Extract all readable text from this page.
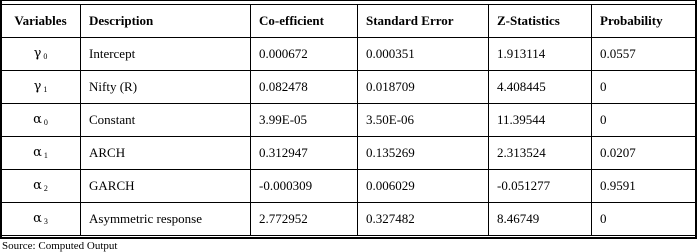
Variables	Description	Co-efficient	Standard Error	Z-Statistics	Probability
γ 0	Intercept	0.000672	0.000351	1.913114	0.0557
γ 1	Nifty (R)	0.082478	0.018709	4.408445	0
α 0	Constant	3.99E-05	3.50E-06	11.39544	0
α 1	ARCH	0.312947	0.135269	2.313524	0.0207
α 2	GARCH	-0.000309	0.006029	-0.051277	0.9591
α 3	Asymmetric response	2.772952	0.327482	8.46749	0
Source: Computed Output
